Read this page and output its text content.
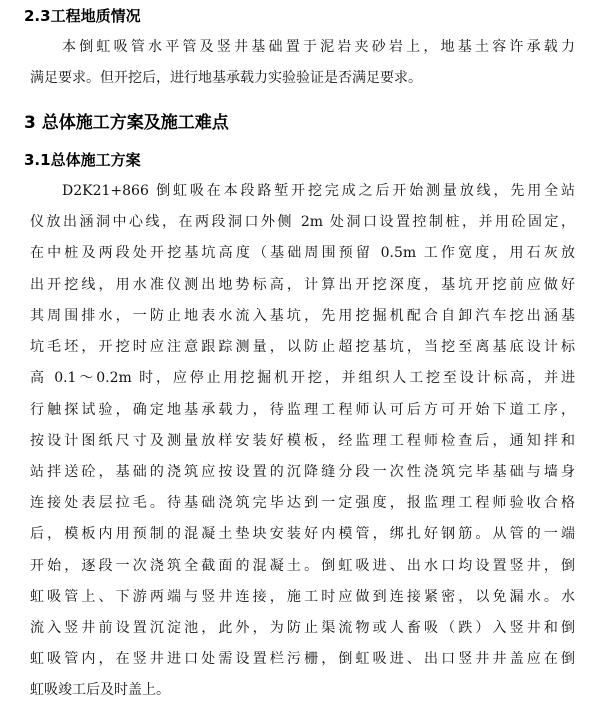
2.3工程地质情况
本倒虹吸管水平管及竖井基础置于泥岩夹砂岩上，地基土容许承载力
满足要求。但开挖后，进行地基承载力实验验证是否满足要求。
3 总体施工方案及施工难点
3.1总体施工方案
D2K21+866 倒虹吸在本段路堑开挖完成之后开始测量放线，先用全站
仪放出涵洞中心线，在两段洞口外侧 2m 处洞口设置控制桩，并用砼固定，
在中桩及两段处开挖基坑高度（基础周围预留 0.5m 工作宽度，用石灰放
出开挖线，用水准仪测出地势标高，计算出开挖深度，基坑开挖前应做好
其周围排水，一防止地表水流入基坑，先用挖掘机配合自卸汽车挖出涵基
坑毛坯，开挖时应注意跟踪测量，以防止超挖基坑，当挖至离基底设计标
高 0.1～0.2m 时，应停止用挖掘机开挖，并组织人工挖至设计标高，并进
行触探试验，确定地基承载力，待监理工程师认可后方可开始下道工序，
按设计图纸尺寸及测量放样安装好模板，经监理工程师检查后，通知拌和
站拌送砼，基础的浇筑应按设置的沉降缝分段一次性浇筑完毕基础与墙身
连接处表层拉毛。待基础浇筑完毕达到一定强度，报监理工程师验收合格
后，模板内用预制的混凝土垫块安装好内模管，绑扎好钢筋。从管的一端
开始，逐段一次浇筑全截面的混凝土。倒虹吸进、出水口均设置竖井，倒
虹吸管上、下游两端与竖井连接，施工时应做到连接紧密，以免漏水。水
流入竖井前设置沉淀池，此外，为防止渠流物或人畜吸（跌）入竖井和倒
虹吸管内，在竖井进口处需设置栏污栅，倒虹吸进、出口竖井井盖应在倒
虹吸竣工后及时盖上。
